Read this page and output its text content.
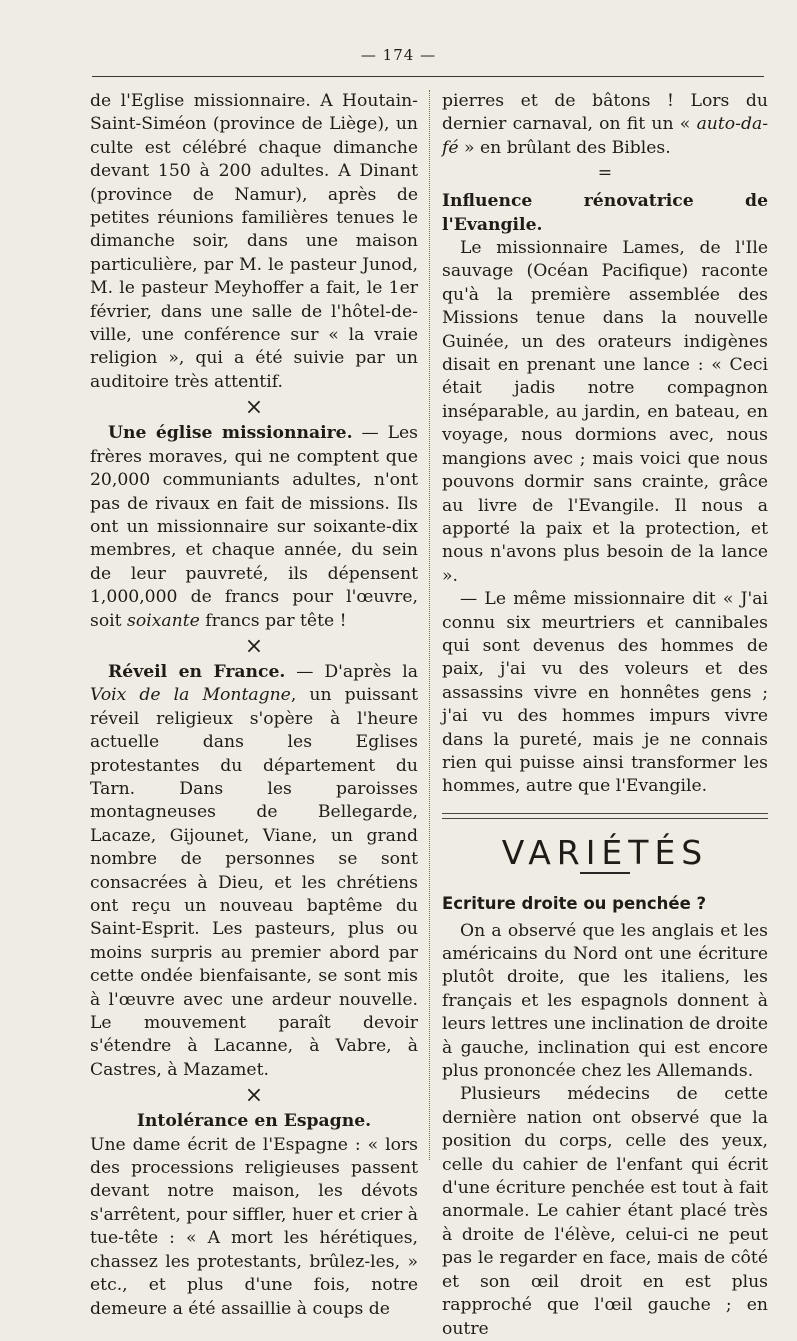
— 174 —

de l'Eglise missionnaire. A Houtain-Saint-Siméon (province de Liège), un culte est célébré chaque dimanche devant 150 à 200 adultes. A Dinant (province de Namur), après de petites réunions familières tenues le dimanche soir, dans une maison particulière, par M. le pasteur Junod, M. le pasteur Meyhoffer a fait, le 1er février, dans une salle de l'hôtel-de-ville, une conférence sur « la vraie religion », qui a été suivie par un auditoire très attentif.

×

Une église missionnaire. — Les frères moraves, qui ne comptent que 20,000 communiants adultes, n'ont pas de rivaux en fait de missions. Ils ont un missionnaire sur soixante-dix membres, et chaque année, du sein de leur pauvreté, ils dépensent 1,000,000 de francs pour l'œuvre, soit soixante francs par tête !

×

Réveil en France. — D'après la Voix de la Montagne, un puissant réveil religieux s'opère à l'heure actuelle dans les Eglises protestantes du département du Tarn. Dans les paroisses montagneuses de Bellegarde, Lacaze, Gijounet, Viane, un grand nombre de personnes se sont consacrées à Dieu, et les chrétiens ont reçu un nouveau baptême du Saint-Esprit. Les pasteurs, plus ou moins surpris au premier abord par cette ondée bienfaisante, se sont mis à l'œuvre avec une ardeur nouvelle. Le mouvement paraît devoir s'étendre à Lacanne, à Vabre, à Castres, à Mazamet.

×

Intolérance en Espagne.

Une dame écrit de l'Espagne : « lors des processions religieuses passent devant notre maison, les dévots s'arrêtent, pour siffler, huer et crier à tue-tête : « A mort les hérétiques, chassez les protestants, brûlez-les, » etc., et plus d'une fois, notre demeure a été assaillie à coups de

pierres et de bâtons ! Lors du dernier carnaval, on fit un « auto-da-fé » en brûlant des Bibles.

=

Influence rénovatrice de l'Evangile.

Le missionnaire Lames, de l'Ile sauvage (Océan Pacifique) raconte qu'à la première assemblée des Missions tenue dans la nouvelle Guinée, un des orateurs indigènes disait en prenant une lance : « Ceci était jadis notre compagnon inséparable, au jardin, en bateau, en voyage, nous dormions avec, nous mangions avec ; mais voici que nous pouvons dormir sans crainte, grâce au livre de l'Evangile. Il nous a apporté la paix et la protection, et nous n'avons plus besoin de la lance ».

— Le même missionnaire dit « J'ai connu six meurtriers et cannibales qui sont devenus des hommes de paix, j'ai vu des voleurs et des assassins vivre en honnêtes gens ; j'ai vu des hommes impurs vivre dans la pureté, mais je ne connais rien qui puisse ainsi transformer les hommes, autre que l'Evangile.

VARIÉTÉS

Ecriture droite ou penchée ?

On a observé que les anglais et les américains du Nord ont une écriture plutôt droite, que les italiens, les français et les espagnols donnent à leurs lettres une inclination de droite à gauche, inclination qui est encore plus prononcée chez les Allemands.

Plusieurs médecins de cette dernière nation ont observé que la position du corps, celle des yeux, celle du cahier de l'enfant qui écrit d'une écriture penchée est tout à fait anormale. Le cahier étant placé très à droite de l'élève, celui-ci ne peut pas le regarder en face, mais de côté et son œil droit en est plus rapproché que l'œil gauche ; en outre
